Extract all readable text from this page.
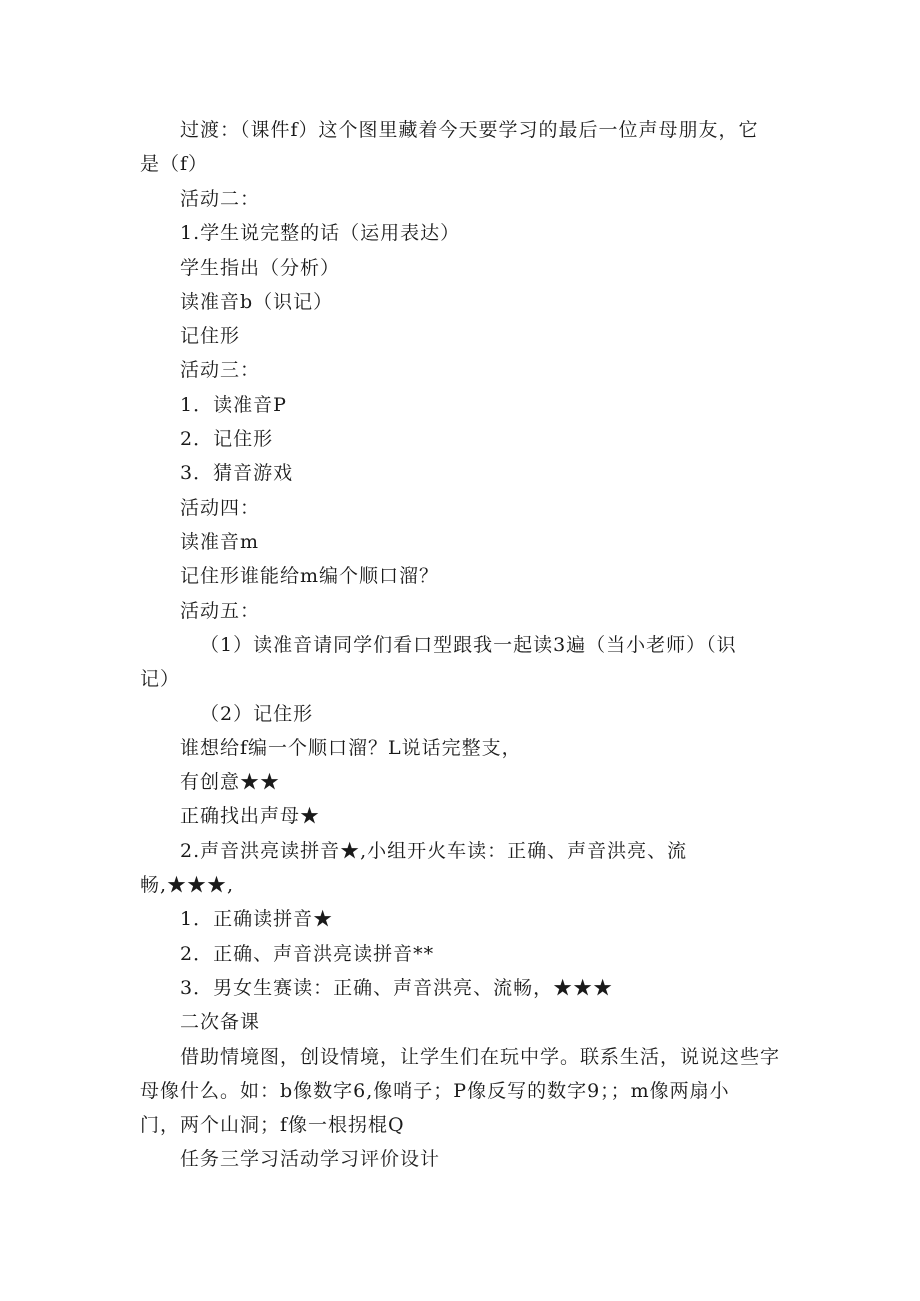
过渡：（课件f）这个图里藏着今天要学习的最后一位声母朋友，它
是（f）
活动二：
1.学生说完整的话（运用表达）
学生指出（分析）
读准音b（识记）
记住形
活动三：
1．读准音P
2．记住形
3．猜音游戏
活动四：
读准音m
记住形谁能给m编个顺口溜？
活动五：
（1）读准音请同学们看口型跟我一起读3遍（当小老师）（识
记）
（2）记住形
谁想给f编一个顺口溜？L说话完整支，
有创意★★
正确找出声母★
2.声音洪亮读拼音★,小组开火车读：正确、声音洪亮、流
畅,★★★,
1．正确读拼音★
2．正确、声音洪亮读拼音**
3．男女生赛读：正确、声音洪亮、流畅，★★★
二次备课
借助情境图，创设情境，让学生们在玩中学。联系生活，说说这些字
母像什么。如：b像数字6,像哨子；P像反写的数字9；；m像两扇小
门，两个山洞；f像一根拐棍Q
任务三学习活动学习评价设计
